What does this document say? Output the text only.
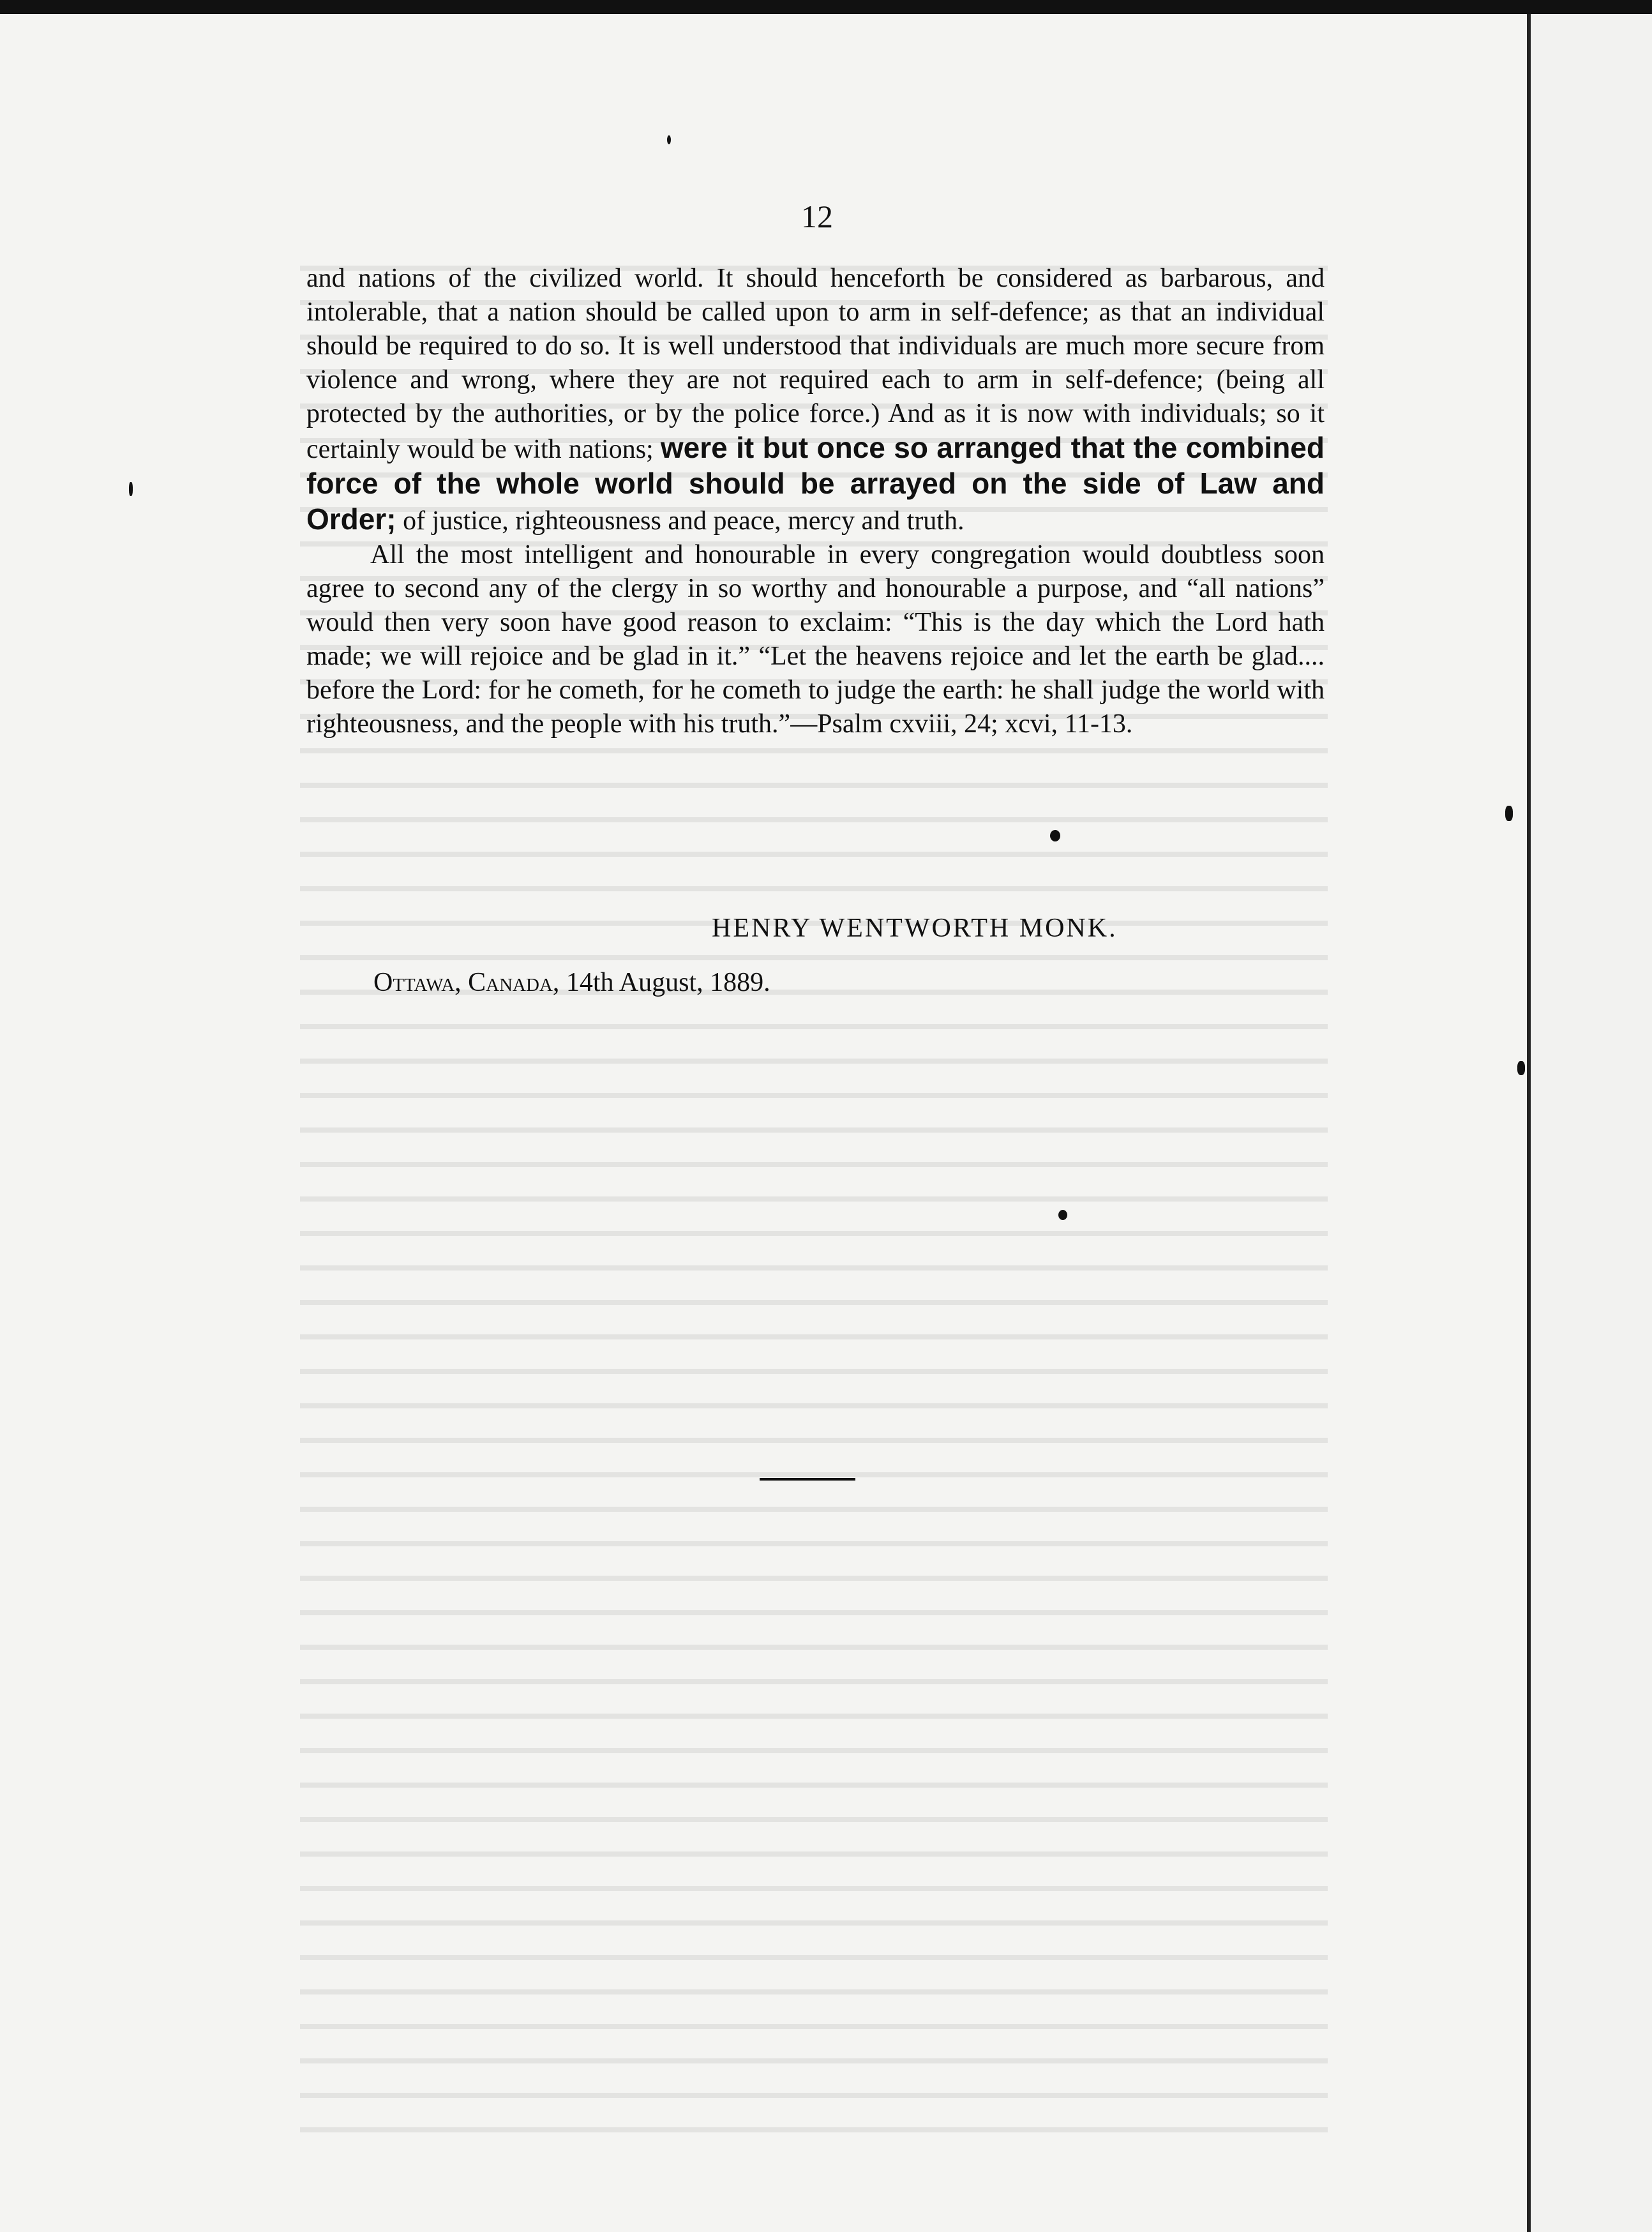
12

and nations of the civilized world. It should henceforth be considered as barbarous, and intolerable, that a nation should be called upon to arm in self-defence; as that an individual should be required to do so. It is well understood that individuals are much more secure from violence and wrong, where they are not required each to arm in self-defence; (being all protected by the authorities, or by the police force.) And as it is now with individuals; so it certainly would be with nations; were it but once so arranged that the combined force of the whole world should be arrayed on the side of Law and Order; of justice, righteousness and peace, mercy and truth.

All the most intelligent and honourable in every congregation would doubtless soon agree to second any of the clergy in so worthy and honourable a purpose, and “all nations” would then very soon have good reason to exclaim: “This is the day which the Lord hath made; we will rejoice and be glad in it.” “Let the heavens rejoice and let the earth be glad.... before the Lord: for he cometh, for he cometh to judge the earth: he shall judge the world with righteousness, and the people with his truth.”—Psalm cxviii, 24; xcvi, 11-13.

HENRY WENTWORTH MONK.
Ottawa, Canada, 14th August, 1889.
